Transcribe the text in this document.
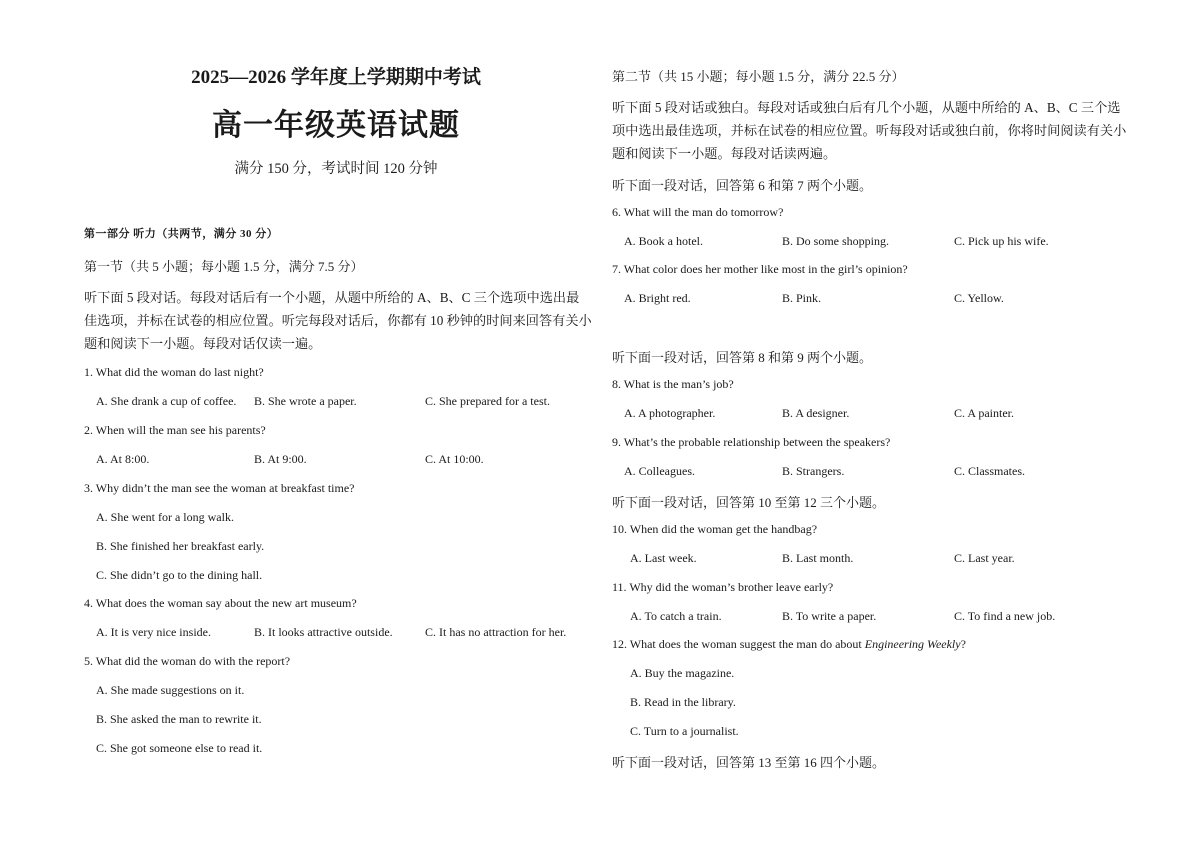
2025—2026 学年度上学期期中考试
高一年级英语试题
满分 150 分，考试时间 120 分钟
第一部分 听力（共两节，满分 30 分）
第一节（共 5 小题；每小题 1.5 分，满分 7.5 分）
听下面 5 段对话。每段对话后有一个小题，从题中所给的 A、B、C 三个选项中选出最佳选项，并标在试卷的相应位置。听完每段对话后，你都有 10 秒钟的时间来回答有关小题和阅读下一小题。每段对话仅读一遍。
1. What did the woman do last night?
A. She drank a cup of coffee. B. She wrote a paper.	C. She prepared for a test.
2. When will the man see his parents?
A. At 8:00.	B. At 9:00.	C. At 10:00.
3. Why didn’t the man see the woman at breakfast time?
A. She went for a long walk.
B. She finished her breakfast early.
C. She didn’t go to the dining hall.
4. What does the woman say about the new art museum?
A. It is very nice inside.	B. It looks attractive outside.	C. It has no attraction for her.
5. What did the woman do with the report?
A. She made suggestions on it.
B. She asked the man to rewrite it.
C. She got someone else to read it.
第二节（共 15 小题；每小题 1.5 分，满分 22.5 分）
听下面 5 段对话或独白。每段对话或独白后有几个小题，从题中所给的 A、B、C 三个选项中选出最佳选项，并标在试卷的相应位置。听每段对话或独白前，你将时间阅读有关小题和阅读下一小题。每段对话读两遍。
听下面一段对话，回答第 6 和第 7 两个小题。
6. What will the man do tomorrow?
A. Book a hotel.	B. Do some shopping.	C. Pick up his wife.
7. What color does her mother like most in the girl’s opinion?
A. Bright red.	B. Pink.	C. Yellow.
听下面一段对话，回答第 8 和第 9 两个小题。
8. What is the man’s job?
A. A photographer.	B. A designer.	C. A painter.
9. What’s the probable relationship between the speakers?
A. Colleagues.	B. Strangers.	C. Classmates.
听下面一段对话，回答第 10 至第 12 三个小题。
10. When did the woman get the handbag?
A. Last week.	B. Last month.	C. Last year.
11. Why did the woman’s brother leave early?
A. To catch a train.	B. To write a paper.	C. To find a new job.
12. What does the woman suggest the man do about Engineering Weekly?
A. Buy the magazine.
B. Read in the library.
C. Turn to a journalist.
听下面一段对话，回答第 13 至第 16 四个小题。
